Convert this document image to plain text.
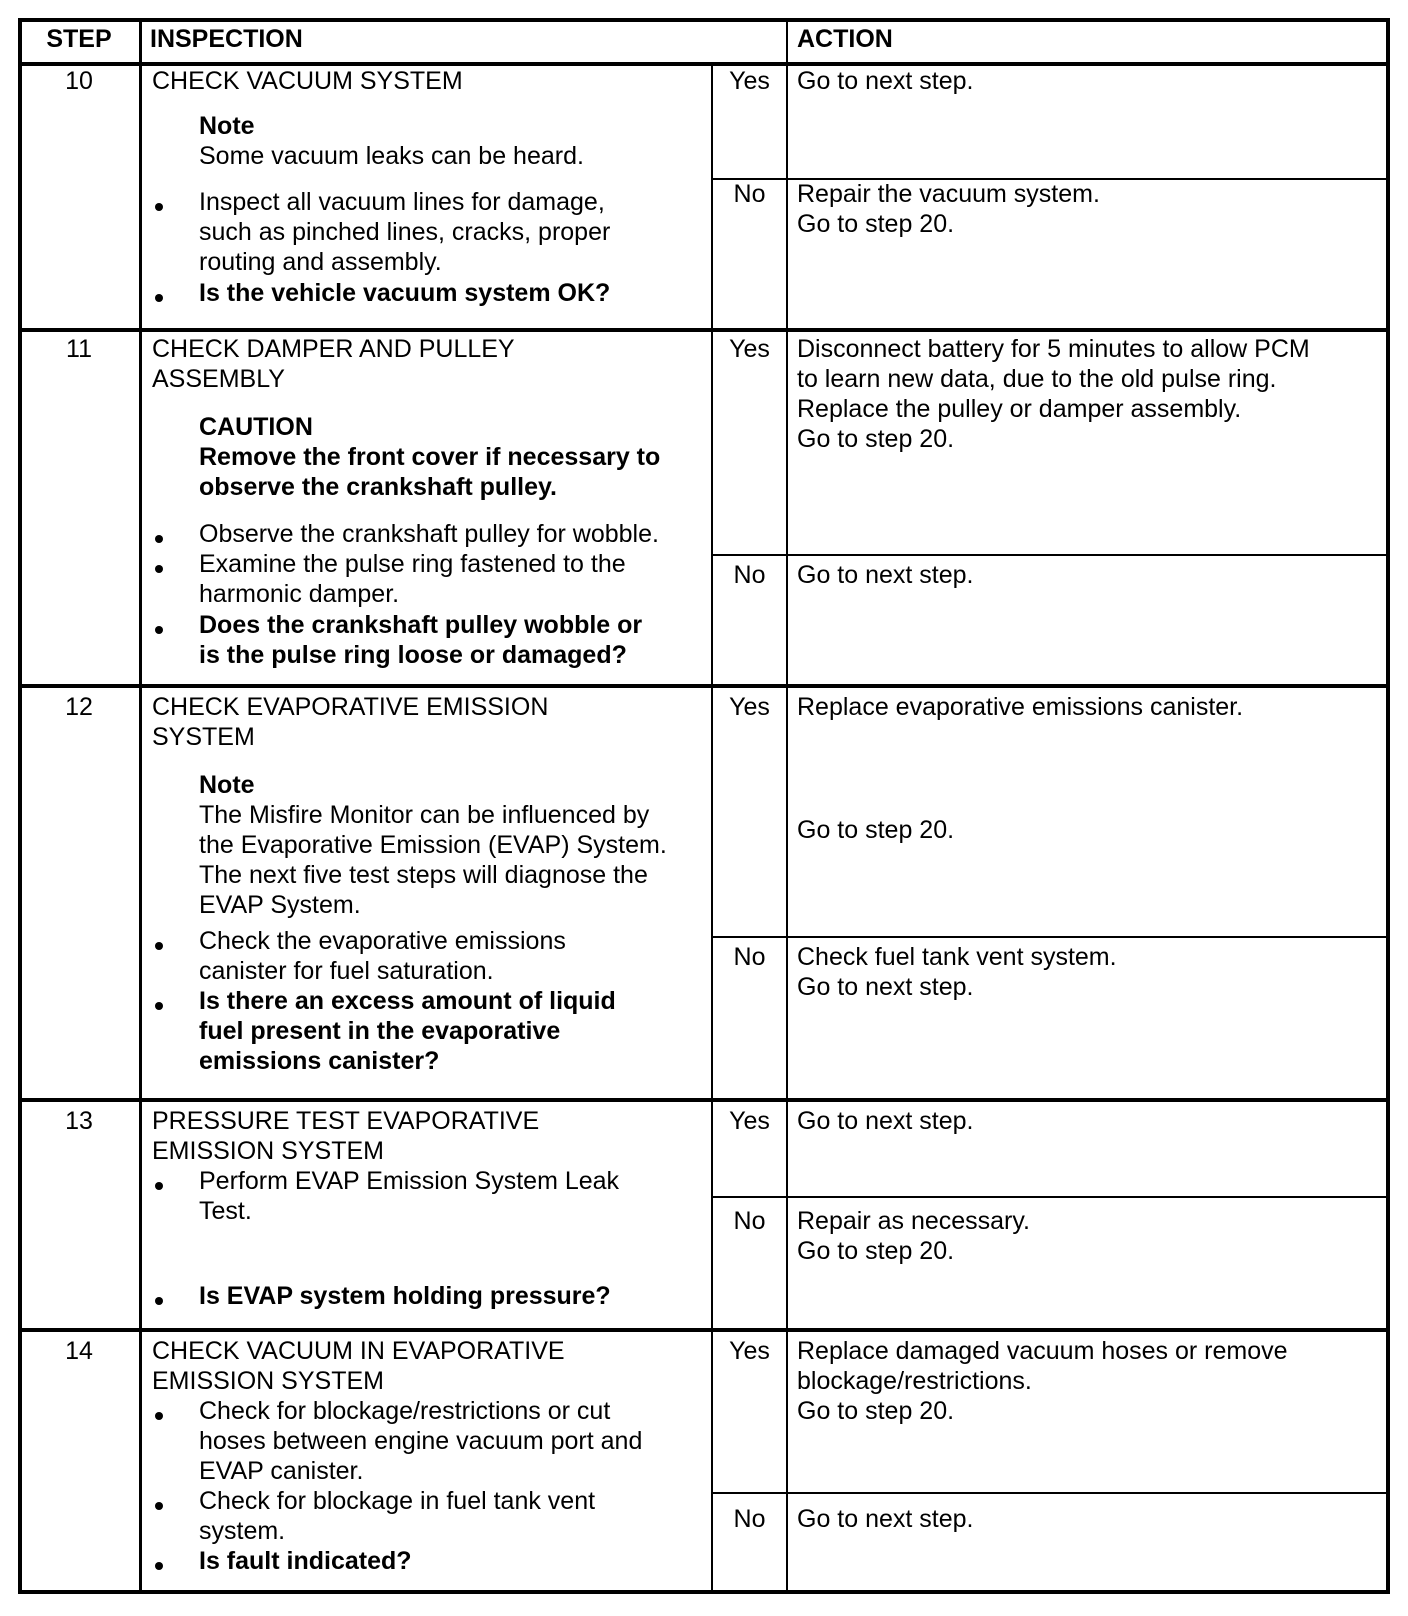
STEP	INSPECTION	ACTION
10	CHECK VACUUM SYSTEM
Note
Some vacuum leaks can be heard.
Inspect all vacuum lines for damage,
such as pinched lines, cracks, proper
routing and assembly.
Is the vehicle vacuum system OK?
Yes	Go to next step.
No	Repair the vacuum system.
Go to step 20.
11	CHECK DAMPER AND PULLEY
ASSEMBLY
CAUTION
Remove the front cover if necessary to
observe the crankshaft pulley.
Observe the crankshaft pulley for wobble.
Examine the pulse ring fastened to the
harmonic damper.
Does the crankshaft pulley wobble or
is the pulse ring loose or damaged?
Yes	Disconnect battery for 5 minutes to allow PCM
to learn new data, due to the old pulse ring.
Replace the pulley or damper assembly.
Go to step 20.
No	Go to next step.
12	CHECK EVAPORATIVE EMISSION
SYSTEM
Note
The Misfire Monitor can be influenced by
the Evaporative Emission (EVAP) System.
The next five test steps will diagnose the
EVAP System.
Check the evaporative emissions
canister for fuel saturation.
Is there an excess amount of liquid
fuel present in the evaporative
emissions canister?
Yes	Replace evaporative emissions canister.
Go to step 20.
No	Check fuel tank vent system.
Go to next step.
13	PRESSURE TEST EVAPORATIVE
EMISSION SYSTEM
Perform EVAP Emission System Leak
Test.
Is EVAP system holding pressure?
Yes	Go to next step.
No	Repair as necessary.
Go to step 20.
14	CHECK VACUUM IN EVAPORATIVE
EMISSION SYSTEM
Check for blockage/restrictions or cut
hoses between engine vacuum port and
EVAP canister.
Check for blockage in fuel tank vent
system.
Is fault indicated?
Yes	Replace damaged vacuum hoses or remove
blockage/restrictions.
Go to step 20.
No	Go to next step.
